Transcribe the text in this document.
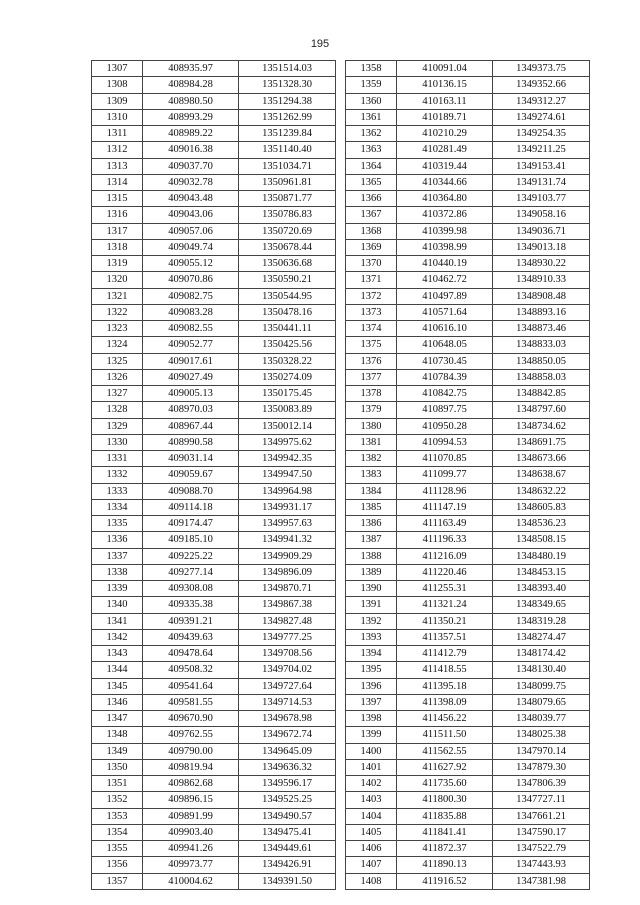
195
1307	408935.97	1351514.03
1308	408984.28	1351328.30
1309	408980.50	1351294.38
1310	408993.29	1351262.99
1311	408989.22	1351239.84
1312	409016.38	1351140.40
1313	409037.70	1351034.71
1314	409032.78	1350961.81
1315	409043.48	1350871.77
1316	409043.06	1350786.83
1317	409057.06	1350720.69
1318	409049.74	1350678.44
1319	409055.12	1350636.68
1320	409070.86	1350590.21
1321	409082.75	1350544.95
1322	409083.28	1350478.16
1323	409082.55	1350441.11
1324	409052.77	1350425.56
1325	409017.61	1350328.22
1326	409027.49	1350274.09
1327	409005.13	1350175.45
1328	408970.03	1350083.89
1329	408967.44	1350012.14
1330	408990.58	1349975.62
1331	409031.14	1349942.35
1332	409059.67	1349947.50
1333	409088.70	1349964.98
1334	409114.18	1349931.17
1335	409174.47	1349957.63
1336	409185.10	1349941.32
1337	409225.22	1349909.29
1338	409277.14	1349896.09
1339	409308.08	1349870.71
1340	409335.38	1349867.38
1341	409391.21	1349827.48
1342	409439.63	1349777.25
1343	409478.64	1349708.56
1344	409508.32	1349704.02
1345	409541.64	1349727.64
1346	409581.55	1349714.53
1347	409670.90	1349678.98
1348	409762.55	1349672.74
1349	409790.00	1349645.09
1350	409819.94	1349636.32
1351	409862.68	1349596.17
1352	409896.15	1349525.25
1353	409891.99	1349490.57
1354	409903.40	1349475.41
1355	409941.26	1349449.61
1356	409973.77	1349426.91
1357	410004.62	1349391.50
1358	410091.04	1349373.75
1359	410136.15	1349352.66
1360	410163.11	1349312.27
1361	410189.71	1349274.61
1362	410210.29	1349254.35
1363	410281.49	1349211.25
1364	410319.44	1349153.41
1365	410344.66	1349131.74
1366	410364.80	1349103.77
1367	410372.86	1349058.16
1368	410399.98	1349036.71
1369	410398.99	1349013.18
1370	410440.19	1348930.22
1371	410462.72	1348910.33
1372	410497.89	1348908.48
1373	410571.64	1348893.16
1374	410616.10	1348873.46
1375	410648.05	1348833.03
1376	410730.45	1348850.05
1377	410784.39	1348858.03
1378	410842.75	1348842.85
1379	410897.75	1348797.60
1380	410950.28	1348734.62
1381	410994.53	1348691.75
1382	411070.85	1348673.66
1383	411099.77	1348638.67
1384	411128.96	1348632.22
1385	411147.19	1348605.83
1386	411163.49	1348536.23
1387	411196.33	1348508.15
1388	411216.09	1348480.19
1389	411220.46	1348453.15
1390	411255.31	1348393.40
1391	411321.24	1348349.65
1392	411350.21	1348319.28
1393	411357.51	1348274.47
1394	411412.79	1348174.42
1395	411418.55	1348130.40
1396	411395.18	1348099.75
1397	411398.09	1348079.65
1398	411456.22	1348039.77
1399	411511.50	1348025.38
1400	411562.55	1347970.14
1401	411627.92	1347879.30
1402	411735.60	1347806.39
1403	411800.30	1347727.11
1404	411835.88	1347661.21
1405	411841.41	1347590.17
1406	411872.37	1347522.79
1407	411890.13	1347443.93
1408	411916.52	1347381.98
